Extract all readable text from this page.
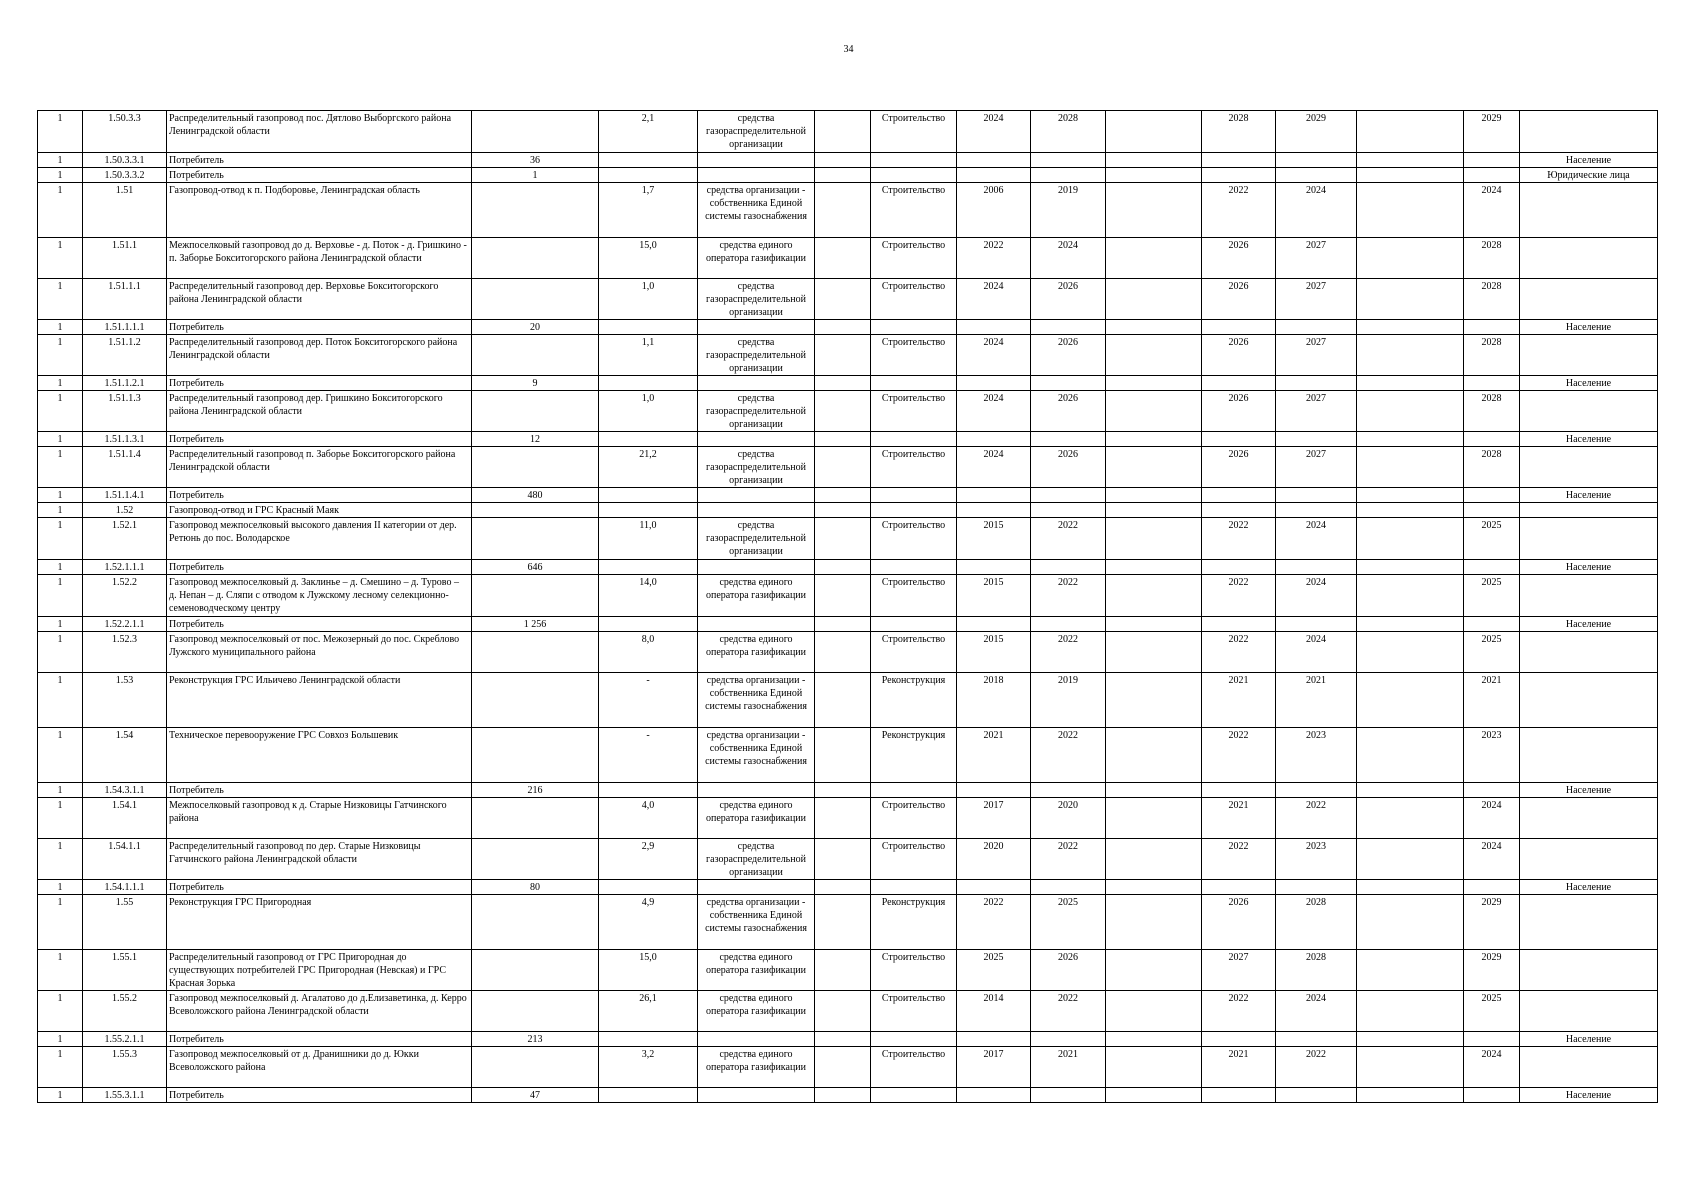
34
1	1.50.3.3	Распределительный газопровод пос. Дятлово Выборгского района Ленинградской области		2,1	средства газораспределительной организации		Строительство	2024	2028		2028	2029		2029	
1	1.50.3.3.1	Потребитель	36												Население
1	1.50.3.3.2	Потребитель	1												Юридические лица
1	1.51	Газопровод-отвод к п. Подборовье, Ленинградская область		1,7	средства организации - собственника Единой системы газоснабжения		Строительство	2006	2019		2022	2024		2024	
1	1.51.1	Межпоселковый газопровод до д. Верховье - д. Поток - д. Гришкино - п. Заборье Бокситогорского района Ленинградской области		15,0	средства единого оператора газификации		Строительство	2022	2024		2026	2027		2028	
1	1.51.1.1	Распределительный газопровод дер. Верховье Бокситогорского района Ленинградской области		1,0	средства газораспределительной организации		Строительство	2024	2026		2026	2027		2028	
1	1.51.1.1.1	Потребитель	20												Население
1	1.51.1.2	Распределительный газопровод дер. Поток Бокситогорского района Ленинградской области		1,1	средства газораспределительной организации		Строительство	2024	2026		2026	2027		2028	
1	1.51.1.2.1	Потребитель	9												Население
1	1.51.1.3	Распределительный газопровод дер. Гришкино Бокситогорского района Ленинградской области		1,0	средства газораспределительной организации		Строительство	2024	2026		2026	2027		2028	
1	1.51.1.3.1	Потребитель	12												Население
1	1.51.1.4	Распределительный газопровод п. Заборье Бокситогорского района Ленинградской области		21,2	средства газораспределительной организации		Строительство	2024	2026		2026	2027		2028	
1	1.51.1.4.1	Потребитель	480												Население
1	1.52	Газопровод-отвод и ГРС Красный Маяк													
1	1.52.1	Газопровод межпоселковый высокого давления II категории от дер. Ретюнь до пос. Володарское		11,0	средства газораспределительной организации		Строительство	2015	2022		2022	2024		2025	
1	1.52.1.1.1	Потребитель	646												Население
1	1.52.2	Газопровод межпоселковый д. Заклинье – д. Смешино – д. Турово – д. Непан – д. Сляпи с отводом к Лужскому лесному селекционно-семеноводческому центру		14,0	средства единого оператора газификации		Строительство	2015	2022		2022	2024		2025	
1	1.52.2.1.1	Потребитель	1 256												Население
1	1.52.3	Газопровод межпоселковый от пос. Межозерный до пос. Скреблово Лужского муниципального района		8,0	средства единого оператора газификации		Строительство	2015	2022		2022	2024		2025	
1	1.53	Реконструкция ГРС Ильичево Ленинградской области		-	средства организации - собственника Единой системы газоснабжения		Реконструкция	2018	2019		2021	2021		2021	
1	1.54	Техническое перевооружение ГРС Совхоз Большевик		-	средства организации - собственника Единой системы газоснабжения		Реконструкция	2021	2022		2022	2023		2023	
1	1.54.3.1.1	Потребитель	216												Население
1	1.54.1	Межпоселковый газопровод к д. Старые Низковицы Гатчинского района		4,0	средства единого оператора газификации		Строительство	2017	2020		2021	2022		2024	
1	1.54.1.1	Распределительный газопровод по дер. Старые Низковицы Гатчинского района Ленинградской области		2,9	средства газораспределительной организации		Строительство	2020	2022		2022	2023		2024	
1	1.54.1.1.1	Потребитель	80												Население
1	1.55	Реконструкция ГРС Пригородная		4,9	средства организации - собственника Единой системы газоснабжения		Реконструкция	2022	2025		2026	2028		2029	
1	1.55.1	Распределительный газопровод от ГРС Пригородная до существующих потребителей ГРС Пригородная (Невская) и ГРС Красная Зорька		15,0	средства единого оператора газификации		Строительство	2025	2026		2027	2028		2029	
1	1.55.2	Газопровод межпоселковый д. Агалатово до д.Елизаветинка, д. Керро Всеволожского района Ленинградской области		26,1	средства единого оператора газификации		Строительство	2014	2022		2022	2024		2025	
1	1.55.2.1.1	Потребитель	213												Население
1	1.55.3	Газопровод межпоселковый от д. Дранишники до д. Юкки Всеволожского района		3,2	средства единого оператора газификации		Строительство	2017	2021		2021	2022		2024	
1	1.55.3.1.1	Потребитель	47												Население
